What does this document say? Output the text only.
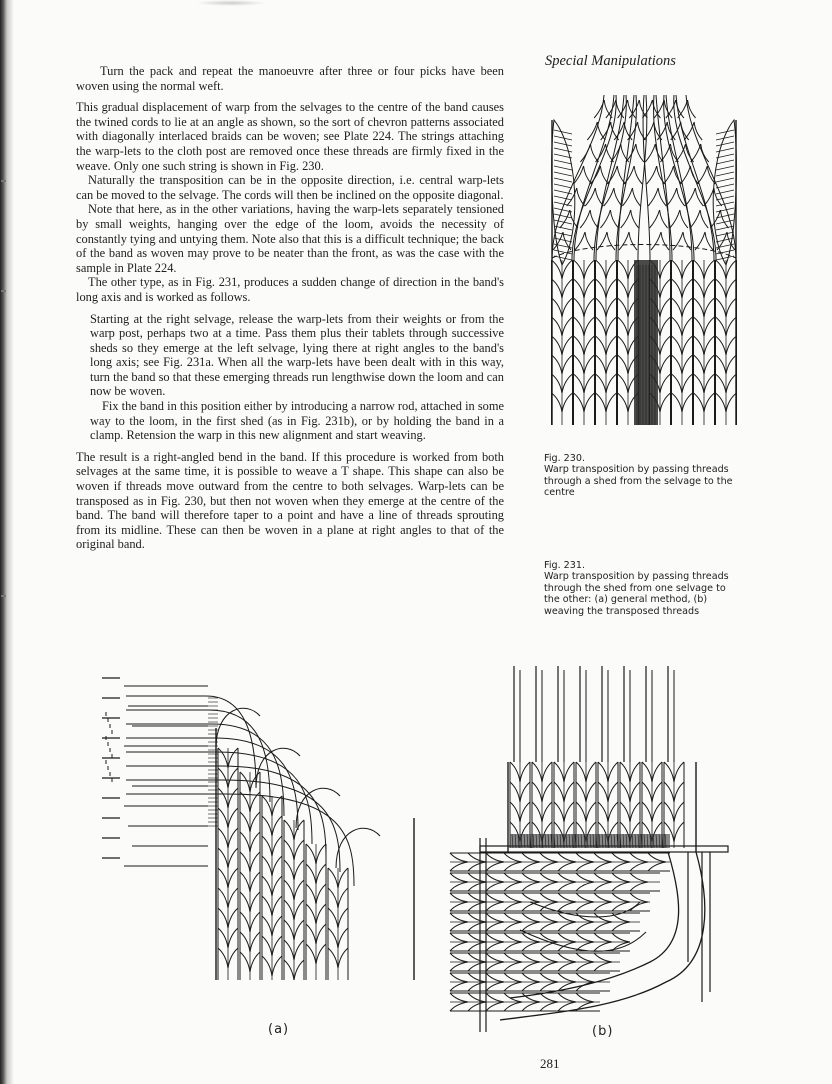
Special Manipulations

Turn the pack and repeat the manoeuvre after three or four picks have been woven using the normal weft.

This gradual displacement of warp from the selvages to the centre of the band causes the twined cords to lie at an angle as shown, so the sort of chevron patterns associated with diagonally interlaced braids can be woven; see Plate 224. The strings attaching the warp-lets to the cloth post are removed once these threads are firmly fixed in the weave. Only one such string is shown in Fig. 230.

Naturally the transposition can be in the opposite direction, i.e. central warp-lets can be moved to the selvage. The cords will then be inclined on the opposite diagonal.

Note that here, as in the other variations, having the warp-lets separately tensioned by small weights, hanging over the edge of the loom, avoids the necessity of constantly tying and untying them. Note also that this is a difficult technique; the back of the band as woven may prove to be neater than the front, as was the case with the sample in Plate 224.

The other type, as in Fig. 231, produces a sudden change of direction in the band's long axis and is worked as follows.

Starting at the right selvage, release the warp-lets from their weights or from the warp post, perhaps two at a time. Pass them plus their tablets through successive sheds so they emerge at the left selvage, lying there at right angles to the band's long axis; see Fig. 231a. When all the warp-lets have been dealt with in this way, turn the band so that these emerging threads run lengthwise down the loom and can now be woven.

Fix the band in this position either by introducing a narrow rod, attached in some way to the loom, in the first shed (as in Fig. 231b), or by holding the band in a clamp. Retension the warp in this new alignment and start weaving.

The result is a right-angled bend in the band. If this procedure is worked from both selvages at the same time, it is possible to weave a T shape. This shape can also be woven if threads move outward from the centre to both selvages. Warp-lets can be transposed as in Fig. 230, but then not woven when they emerge at the centre of the band. The band will therefore taper to a point and have a line of threads sprouting from its midline. These can then be woven in a plane at right angles to that of the original band.

Fig. 230.
Warp transposition by passing threads through a shed from the selvage to the centre
Fig. 231.
Warp transposition by passing threads through the shed from one selvage to the other: (a) general method, (b) weaving the transposed threads
(a)	(b)
281
